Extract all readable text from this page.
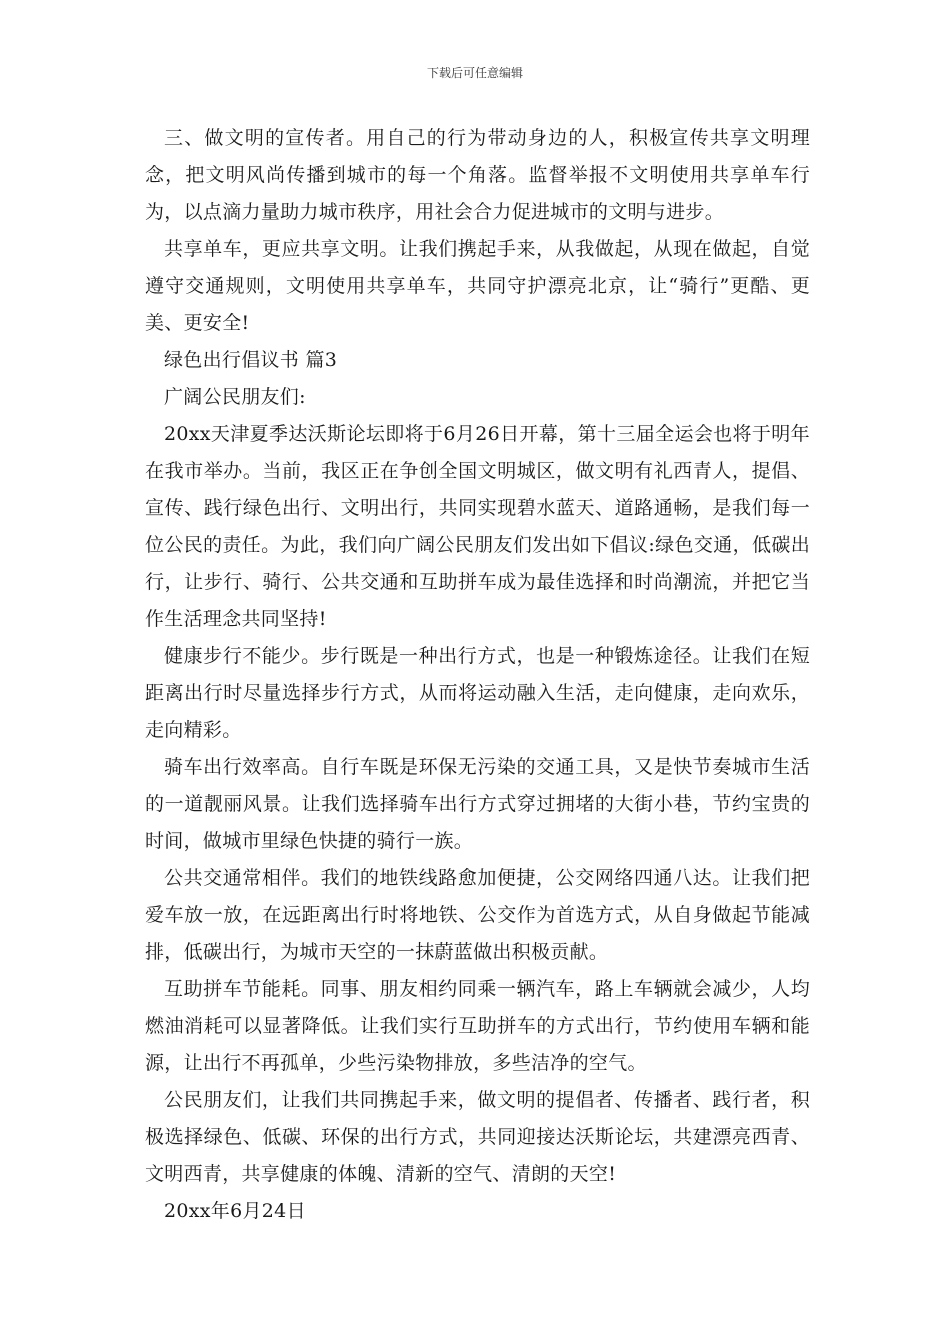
下载后可任意编辑

三、做文明的宣传者。用自己的行为带动身边的人，积极宣传共享文明理念，把文明风尚传播到城市的每一个角落。监督举报不文明使用共享单车行为，以点滴力量助力城市秩序，用社会合力促进城市的文明与进步。

共享单车，更应共享文明。让我们携起手来，从我做起，从现在做起，自觉遵守交通规则，文明使用共享单车，共同守护漂亮北京，让“骑行”更酷、更美、更安全!

绿色出行倡议书 篇3

广阔公民朋友们:

20xx天津夏季达沃斯论坛即将于6月26日开幕，第十三届全运会也将于明年在我市举办。当前，我区正在争创全国文明城区，做文明有礼西青人，提倡、宣传、践行绿色出行、文明出行，共同实现碧水蓝天、道路通畅，是我们每一位公民的责任。为此，我们向广阔公民朋友们发出如下倡议:绿色交通，低碳出行，让步行、骑行、公共交通和互助拼车成为最佳选择和时尚潮流，并把它当作生活理念共同坚持!

健康步行不能少。步行既是一种出行方式，也是一种锻炼途径。让我们在短距离出行时尽量选择步行方式，从而将运动融入生活，走向健康，走向欢乐，走向精彩。

骑车出行效率高。自行车既是环保无污染的交通工具，又是快节奏城市生活的一道靓丽风景。让我们选择骑车出行方式穿过拥堵的大街小巷，节约宝贵的时间，做城市里绿色快捷的骑行一族。

公共交通常相伴。我们的地铁线路愈加便捷，公交网络四通八达。让我们把爱车放一放，在远距离出行时将地铁、公交作为首选方式，从自身做起节能减排，低碳出行，为城市天空的一抹蔚蓝做出积极贡献。

互助拼车节能耗。同事、朋友相约同乘一辆汽车，路上车辆就会减少，人均燃油消耗可以显著降低。让我们实行互助拼车的方式出行，节约使用车辆和能源，让出行不再孤单，少些污染物排放，多些洁净的空气。

公民朋友们，让我们共同携起手来，做文明的提倡者、传播者、践行者，积极选择绿色、低碳、环保的出行方式，共同迎接达沃斯论坛，共建漂亮西青、文明西青，共享健康的体魄、清新的空气、清朗的天空!

20xx年6月24日
